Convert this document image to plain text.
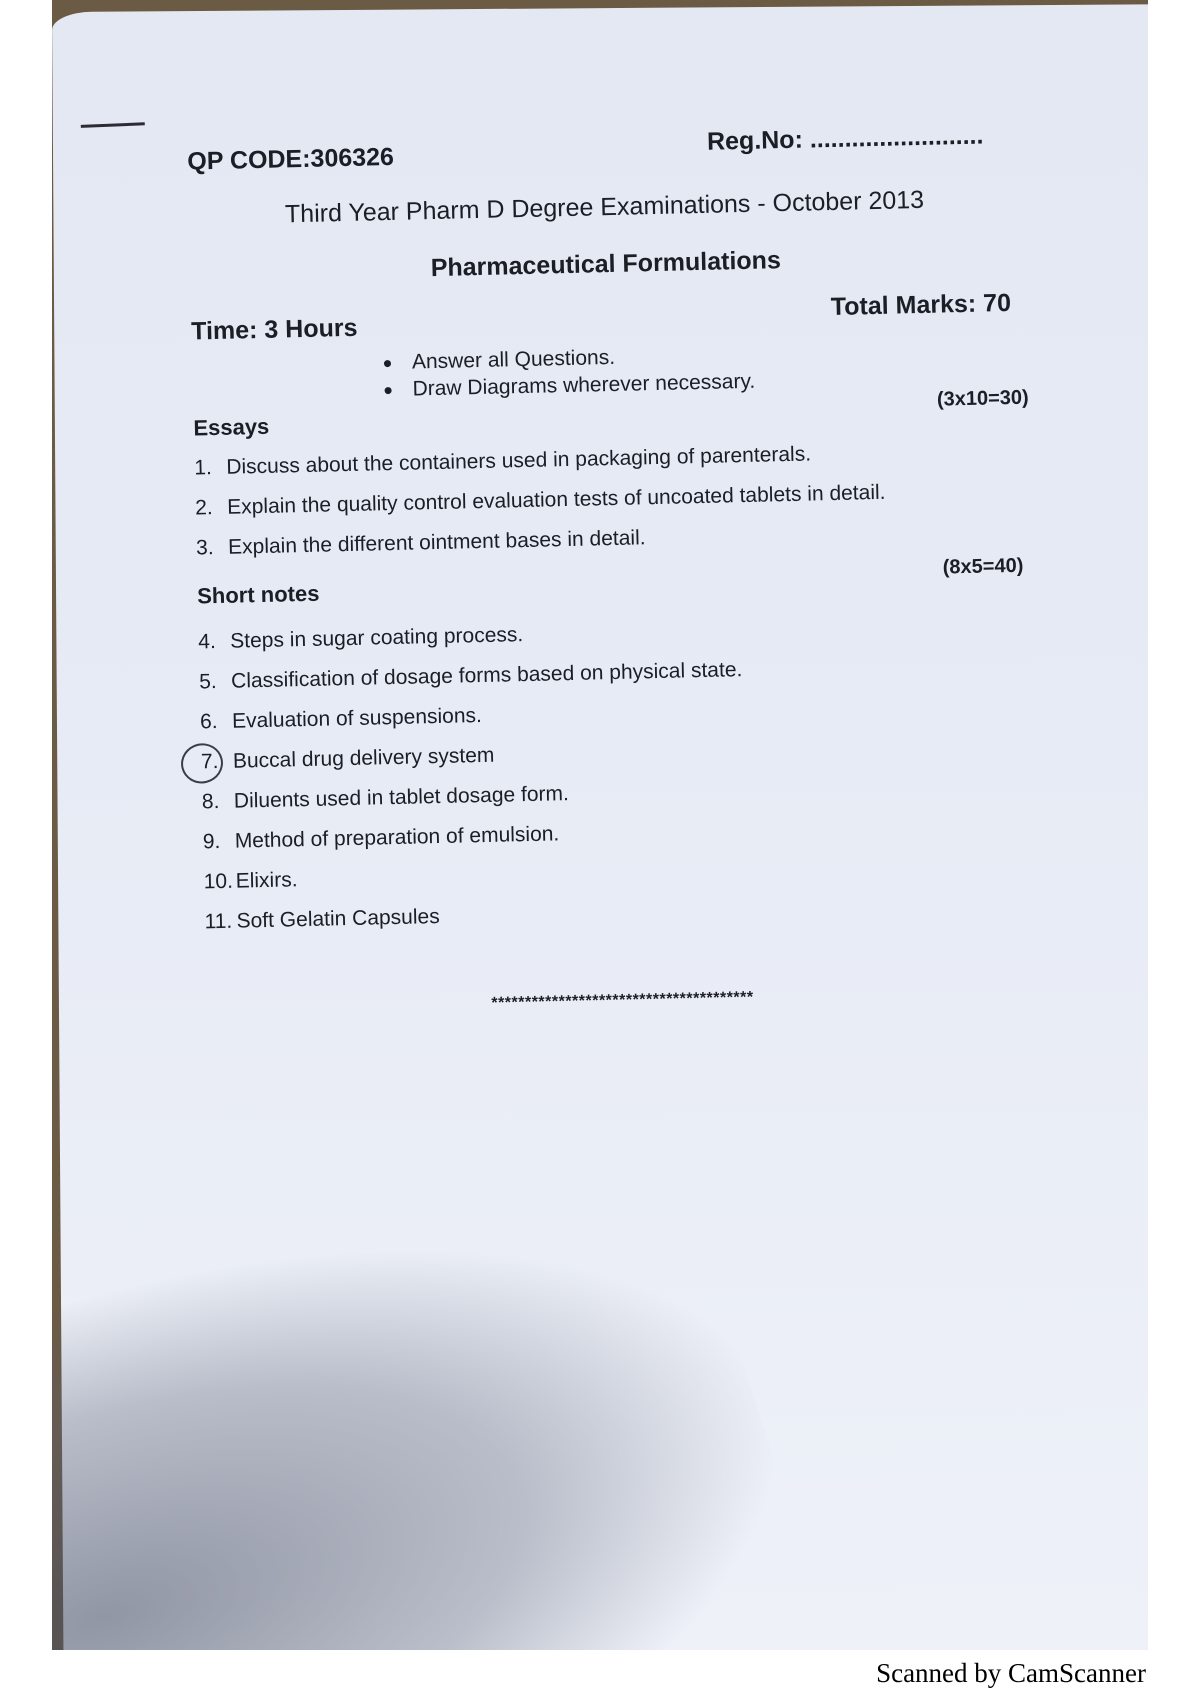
QP CODE:306326
Reg.No: .........................
Third Year Pharm D Degree Examinations - October 2013
Pharmaceutical Formulations
Time: 3 Hours
Total Marks: 70
Answer all Questions.
Draw Diagrams wherever necessary.
Essays
(3x10=30)
1. Discuss about the containers used in packaging of parenterals.
2. Explain the quality control evaluation tests of uncoated tablets in detail.
3. Explain the different ointment bases in detail.
Short notes
(8x5=40)
4. Steps in sugar coating process.
5. Classification of dosage forms based on physical state.
6. Evaluation of suspensions.
7. Buccal drug delivery system
8. Diluents used in tablet dosage form.
9. Method of preparation of emulsion.
10. Elixirs.
11. Soft Gelatin Capsules
***************************************
Scanned by CamScanner
